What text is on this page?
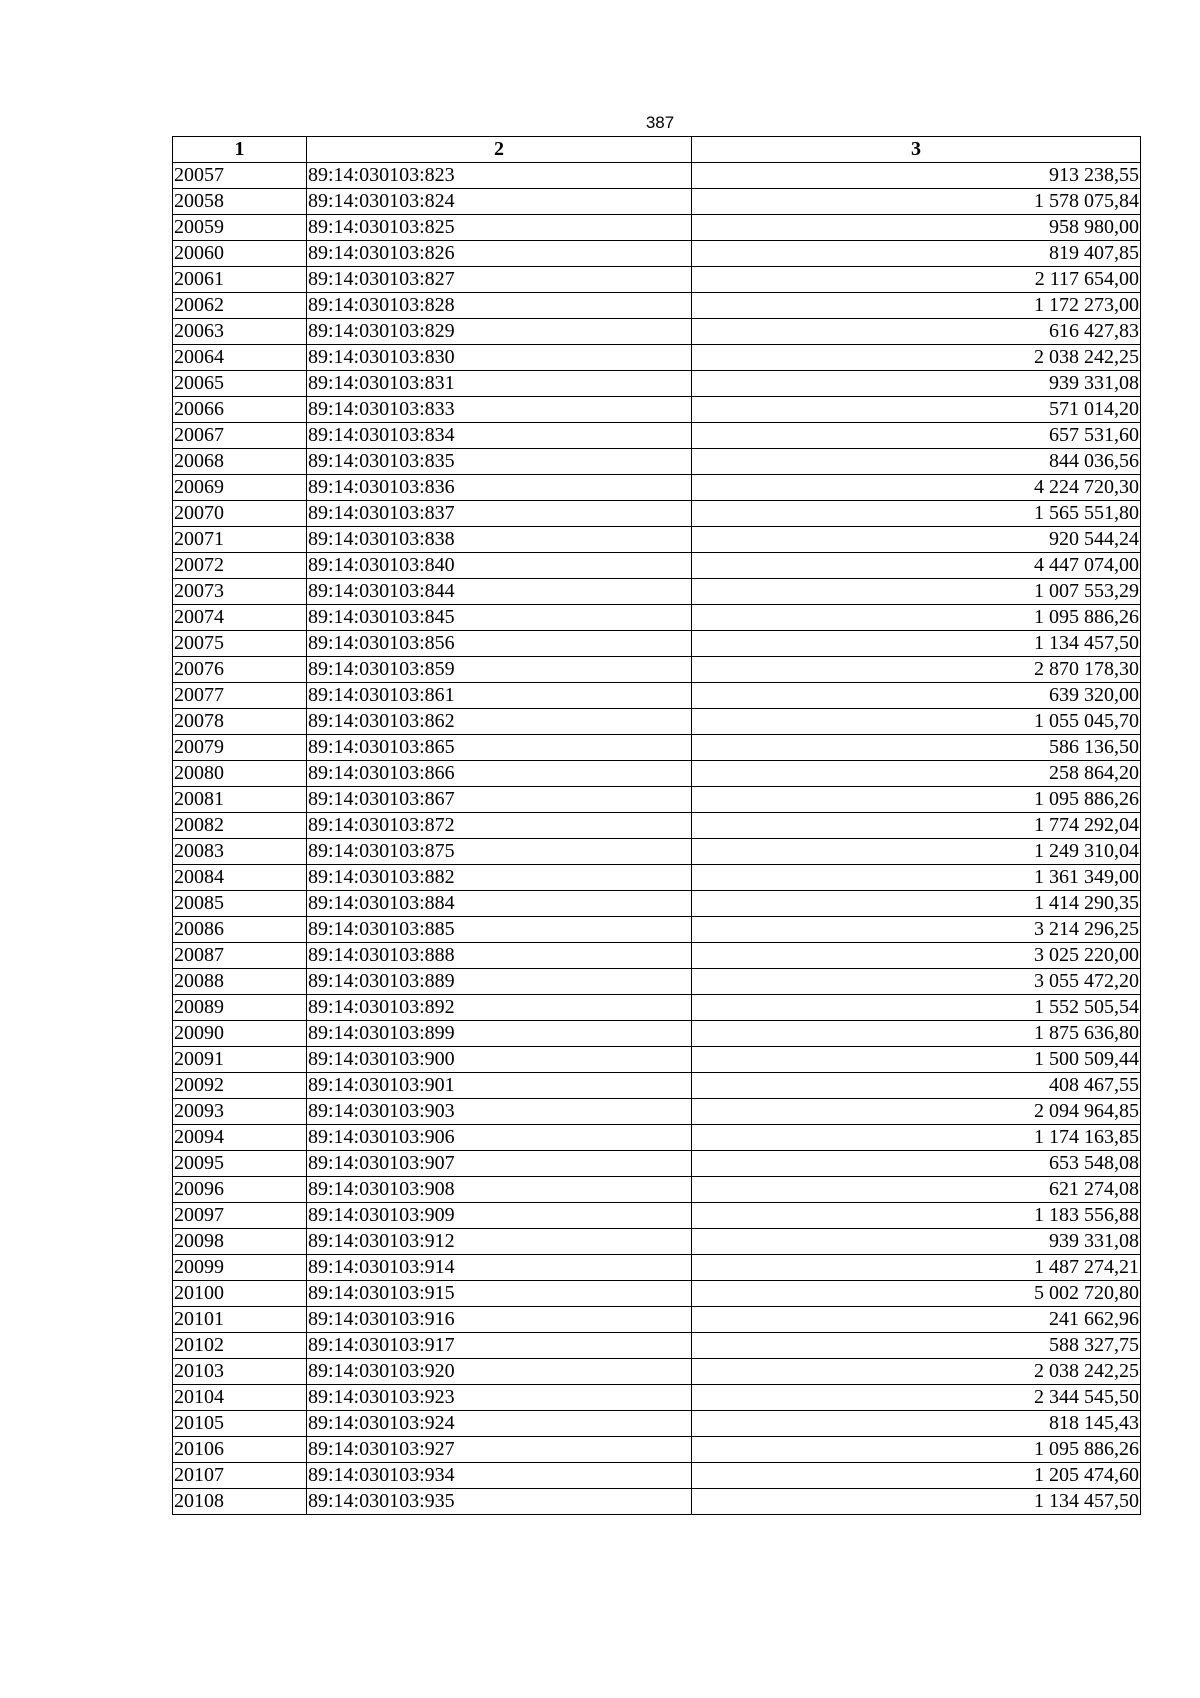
387
1	2	3
20057	89:14:030103:823	913 238,55
20058	89:14:030103:824	1 578 075,84
20059	89:14:030103:825	958 980,00
20060	89:14:030103:826	819 407,85
20061	89:14:030103:827	2 117 654,00
20062	89:14:030103:828	1 172 273,00
20063	89:14:030103:829	616 427,83
20064	89:14:030103:830	2 038 242,25
20065	89:14:030103:831	939 331,08
20066	89:14:030103:833	571 014,20
20067	89:14:030103:834	657 531,60
20068	89:14:030103:835	844 036,56
20069	89:14:030103:836	4 224 720,30
20070	89:14:030103:837	1 565 551,80
20071	89:14:030103:838	920 544,24
20072	89:14:030103:840	4 447 074,00
20073	89:14:030103:844	1 007 553,29
20074	89:14:030103:845	1 095 886,26
20075	89:14:030103:856	1 134 457,50
20076	89:14:030103:859	2 870 178,30
20077	89:14:030103:861	639 320,00
20078	89:14:030103:862	1 055 045,70
20079	89:14:030103:865	586 136,50
20080	89:14:030103:866	258 864,20
20081	89:14:030103:867	1 095 886,26
20082	89:14:030103:872	1 774 292,04
20083	89:14:030103:875	1 249 310,04
20084	89:14:030103:882	1 361 349,00
20085	89:14:030103:884	1 414 290,35
20086	89:14:030103:885	3 214 296,25
20087	89:14:030103:888	3 025 220,00
20088	89:14:030103:889	3 055 472,20
20089	89:14:030103:892	1 552 505,54
20090	89:14:030103:899	1 875 636,80
20091	89:14:030103:900	1 500 509,44
20092	89:14:030103:901	408 467,55
20093	89:14:030103:903	2 094 964,85
20094	89:14:030103:906	1 174 163,85
20095	89:14:030103:907	653 548,08
20096	89:14:030103:908	621 274,08
20097	89:14:030103:909	1 183 556,88
20098	89:14:030103:912	939 331,08
20099	89:14:030103:914	1 487 274,21
20100	89:14:030103:915	5 002 720,80
20101	89:14:030103:916	241 662,96
20102	89:14:030103:917	588 327,75
20103	89:14:030103:920	2 038 242,25
20104	89:14:030103:923	2 344 545,50
20105	89:14:030103:924	818 145,43
20106	89:14:030103:927	1 095 886,26
20107	89:14:030103:934	1 205 474,60
20108	89:14:030103:935	1 134 457,50
